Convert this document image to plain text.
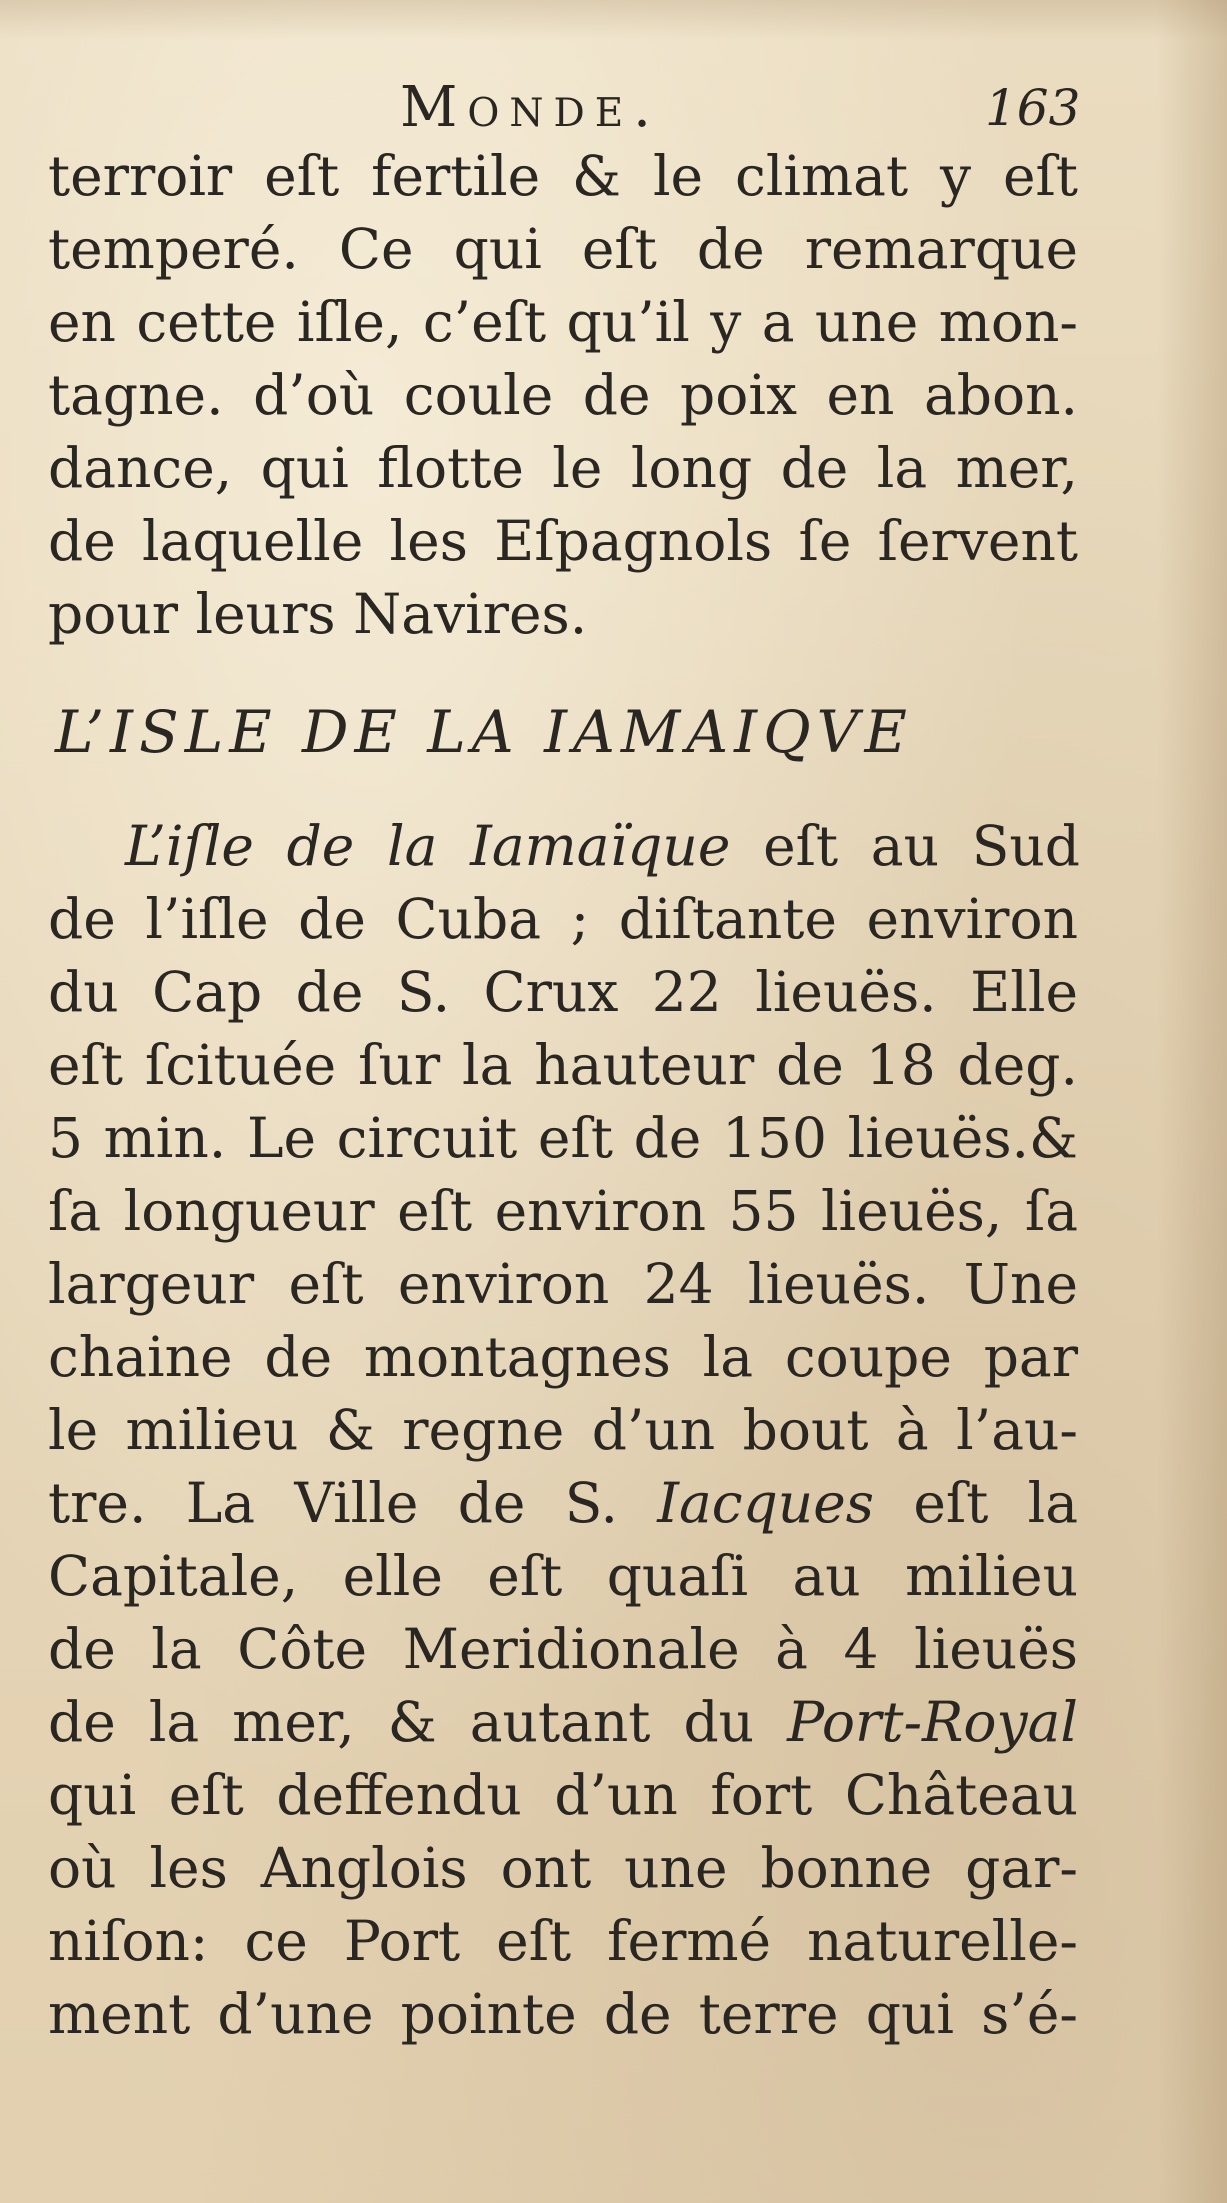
Monde.	163
terroir eſt fertile & le climat y eſt
temperé. Ce qui eſt de remarque
en cette iſle, c’eſt qu’il y a une mon-
tagne. d’où coule de poix en abon.
dance, qui flotte le long de la mer,
de laquelle les Eſpagnols ſe ſervent
pour leurs Navires.
L’ISLE DE LA IAMAIQVE
L’iſle de la Iamaïque eſt au Sud
de l’iſle de Cuba ; diſtante environ
du Cap de S. Crux 22 lieuës. Elle
eſt ſcituée ſur la hauteur de 18 deg.
5 min. Le circuit eſt de 150 lieuës.&
ſa longueur eſt environ 55 lieuës, ſa
largeur eſt environ 24 lieuës. Une
chaine de montagnes la coupe par
le milieu & regne d’un bout à l’au-
tre. La Ville de S. Iacques eſt la
Capitale, elle eſt quaſi au milieu
de la Côte Meridionale à 4 lieuës
de la mer, & autant du Port-Royal
qui eſt deffendu d’un fort Château
où les Anglois ont une bonne gar-
niſon: ce Port eſt fermé naturelle-
ment d’une pointe de terre qui s’é-
